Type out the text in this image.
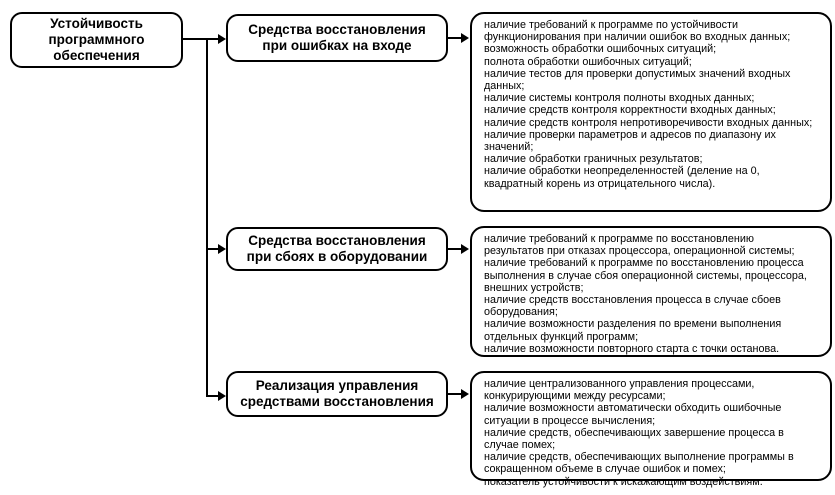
Устойчивость программного обеспечения
Средства восстановления при ошибках на входе
Средства восстановления при сбоях в оборудовании
Реализация управления средствами восстановления
наличие требований к программе по устойчивости функционирования при наличии ошибок во входных данных;
возможность обработки ошибочных ситуаций;
полнота обработки ошибочных ситуаций;
наличие тестов для проверки допустимых значений входных данных;
наличие системы контроля полноты входных данных;
наличие средств контроля корректности входных данных;
наличие средств контроля непротиворечивости входных данных;
наличие проверки параметров и адресов по диапазону их значений;
наличие обработки граничных результатов;
наличие обработки неопределенностей (деление на 0, квадратный корень из отрицательного числа).
наличие требований к программе по восстановлению результатов при отказах процессора, операционной системы;
наличие требований к программе по восстановлению процесса выполнения в случае сбоя операционной системы, процессора, внешних устройств;
наличие средств восстановления процесса в случае сбоев оборудования;
наличие возможности разделения по времени выполнения отдельных функций программ;
наличие возможности повторного старта с точки останова.
наличие централизованного управления процессами, конкурирующими между ресурсами;
наличие возможности автоматически обходить ошибочные ситуации в процессе вычисления;
наличие средств, обеспечивающих завершение процесса в случае помех;
наличие средств, обеспечивающих выполнение программы в сокращенном объеме в случае ошибок и помех;
показатель устойчивости к искажающим воздействиям.
